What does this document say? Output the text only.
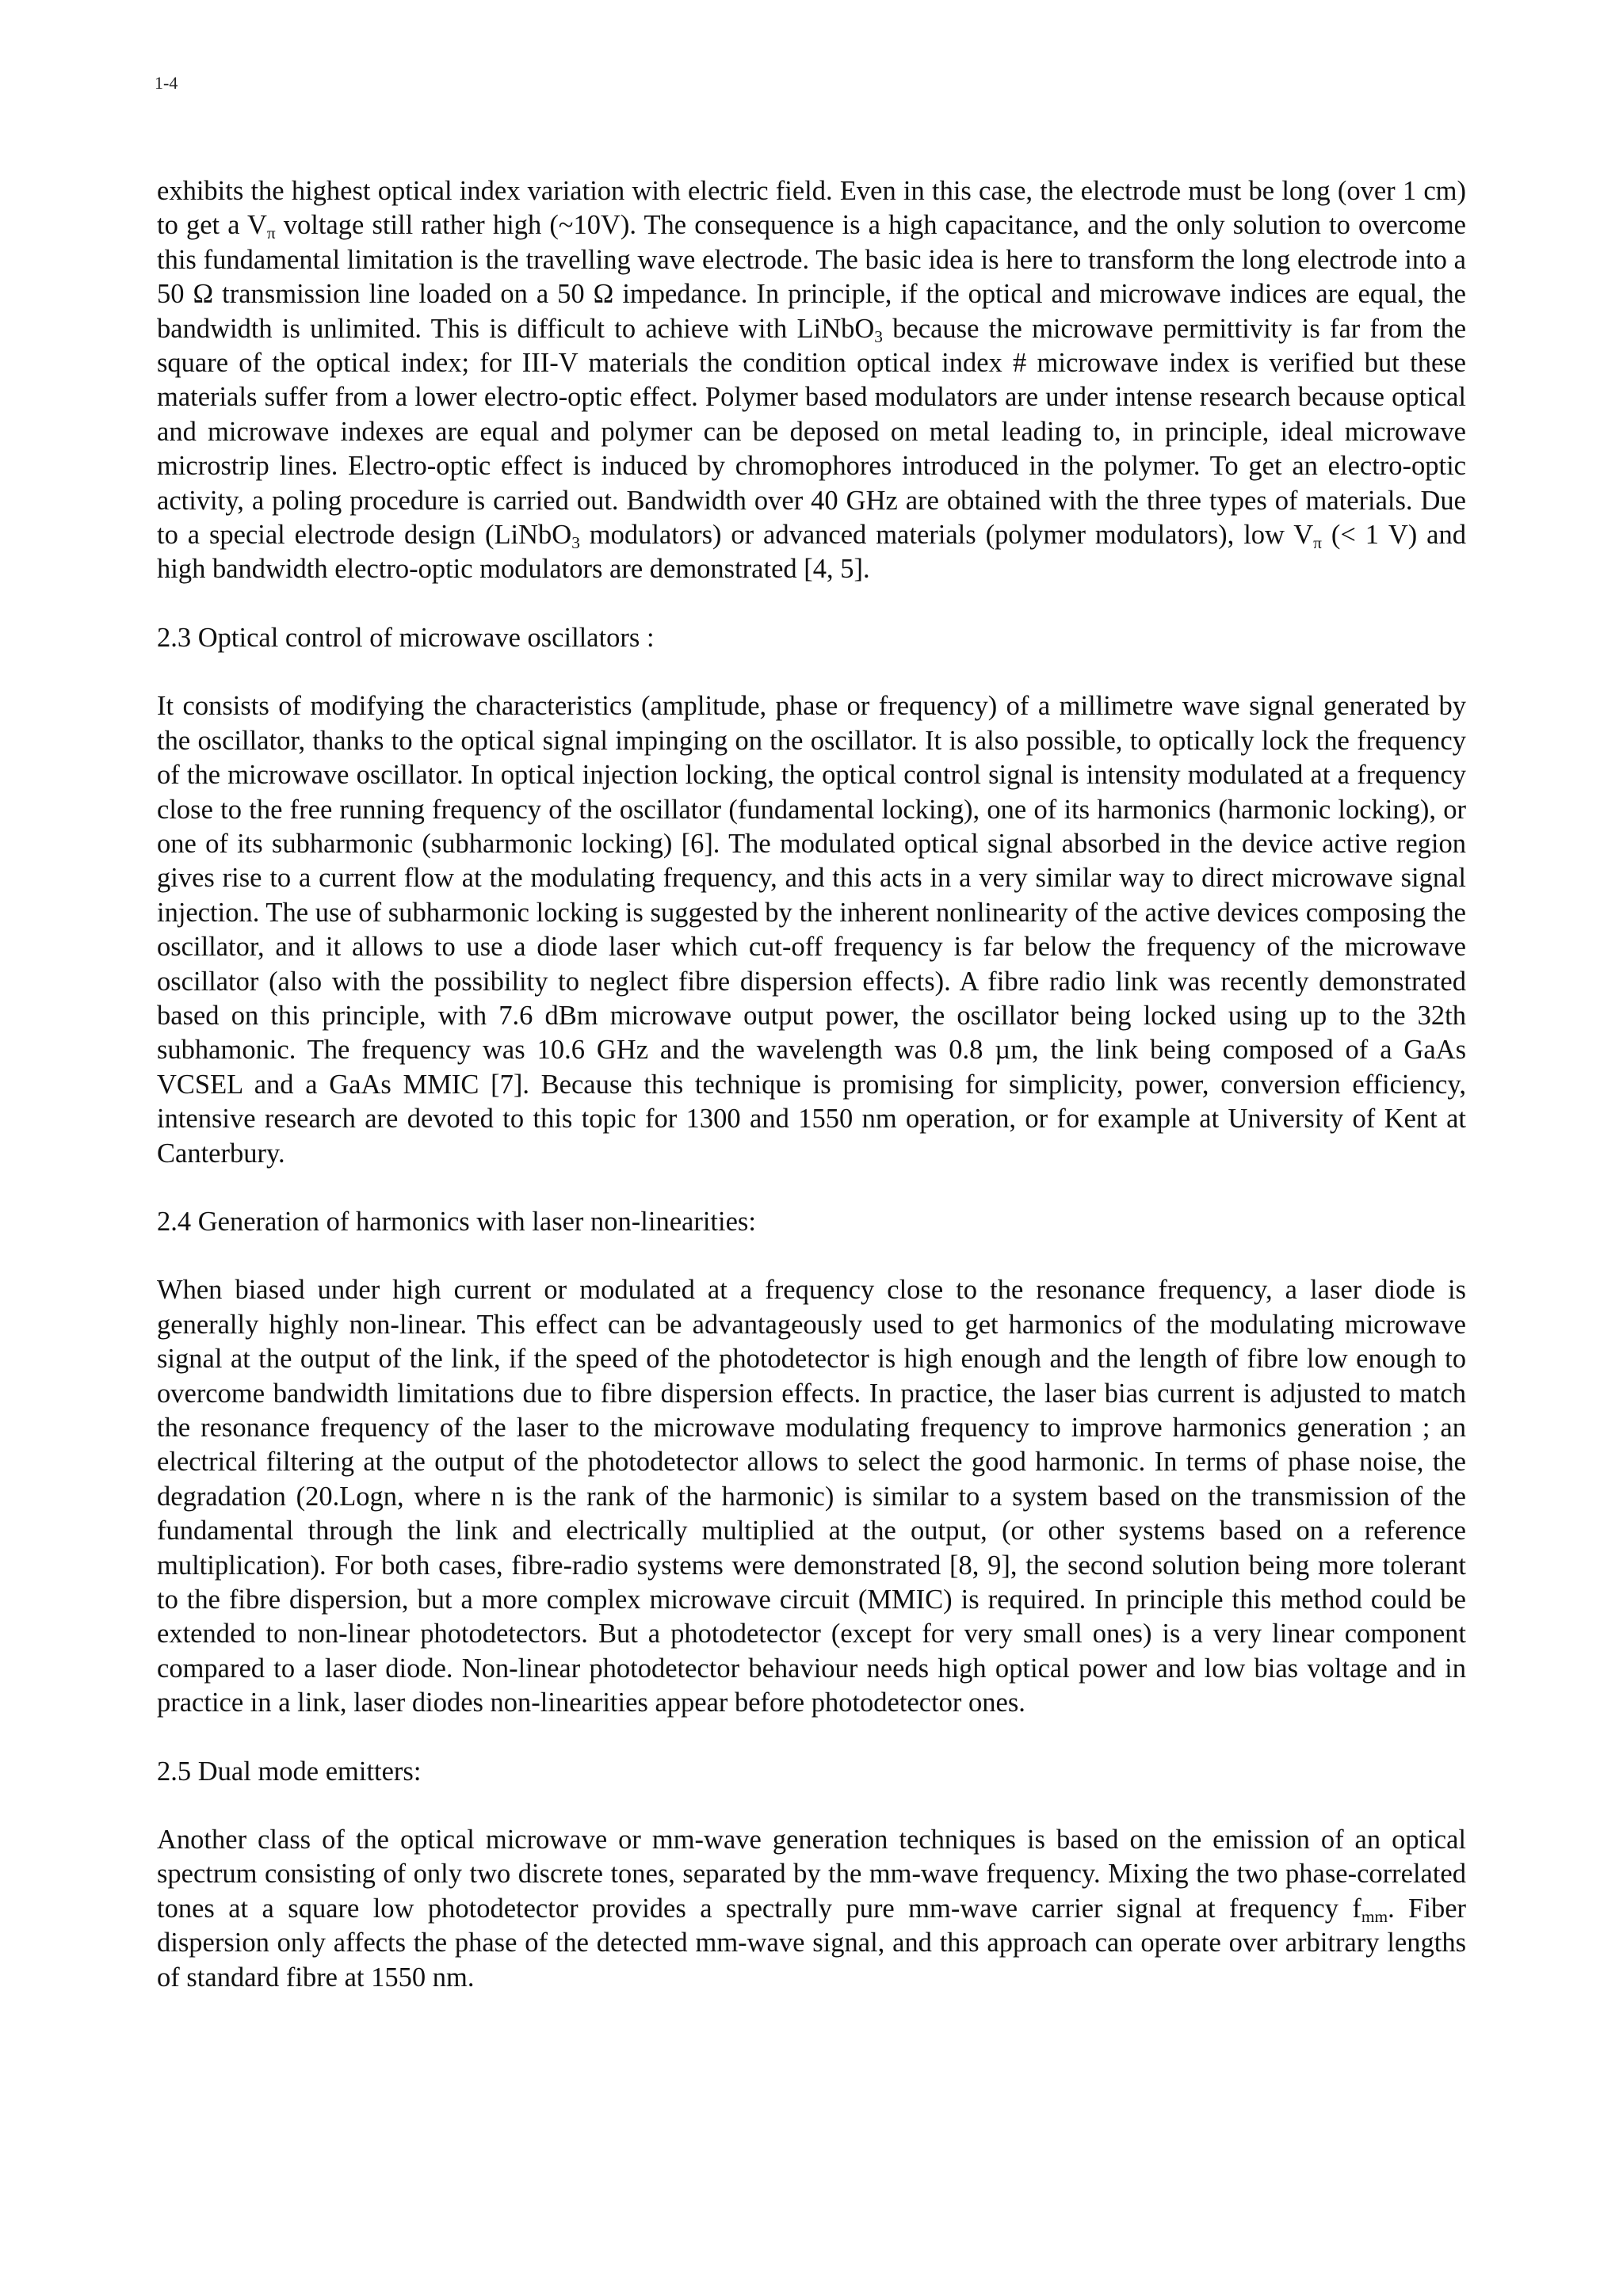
1-4

exhibits the highest optical index variation with electric field. Even in this case, the electrode must be long (over 1 cm) to get a $V_\pi$ voltage still rather high (~10V). The consequence is a high capacitance, and the only solution to overcome this fundamental limitation is the travelling wave electrode. The basic idea is here to transform the long electrode into a 50 Ω transmission line loaded on a 50 Ω impedance. In principle, if the optical and microwave indices are equal, the bandwidth is unlimited. This is difficult to achieve with LiNbO$_3$ because the microwave permittivity is far from the square of the optical index; for III-V materials the condition optical index # microwave index is verified but these materials suffer from a lower electro-optic effect. Polymer based modulators are under intense research because optical and microwave indexes are equal and polymer can be deposed on metal leading to, in principle, ideal microwave microstrip lines. Electro-optic effect is induced by chromophores introduced in the polymer. To get an electro-optic activity, a poling procedure is carried out. Bandwidth over 40 GHz are obtained with the three types of materials. Due to a special electrode design (LiNbO$_3$ modulators) or advanced materials (polymer modulators), low $V_\pi$ (< 1 V) and high bandwidth electro-optic modulators are demonstrated [4, 5].

2.3 Optical control of microwave oscillators :

It consists of modifying the characteristics (amplitude, phase or frequency) of a millimetre wave signal generated by the oscillator, thanks to the optical signal impinging on the oscillator. It is also possible, to optically lock the frequency of the microwave oscillator. In optical injection locking, the optical control signal is intensity modulated at a frequency close to the free running frequency of the oscillator (fundamental locking), one of its harmonics (harmonic locking), or one of its subharmonic (subharmonic locking) [6]. The modulated optical signal absorbed in the device active region gives rise to a current flow at the modulating frequency, and this acts in a very similar way to direct microwave signal injection. The use of subharmonic locking is suggested by the inherent nonlinearity of the active devices composing the oscillator, and it allows to use a diode laser which cut-off frequency is far below the frequency of the microwave oscillator (also with the possibility to neglect fibre dispersion effects). A fibre radio link was recently demonstrated based on this principle, with 7.6 dBm microwave output power, the oscillator being locked using up to the 32th subhamonic. The frequency was 10.6 GHz and the wavelength was 0.8 µm, the link being composed of a GaAs VCSEL and a GaAs MMIC [7]. Because this technique is promising for simplicity, power, conversion efficiency, intensive research are devoted to this topic for 1300 and 1550 nm operation, or for example at University of Kent at Canterbury.

2.4 Generation of harmonics with laser non-linearities:

When biased under high current or modulated at a frequency close to the resonance frequency, a laser diode is generally highly non-linear. This effect can be advantageously used to get harmonics of the modulating microwave signal at the output of the link, if the speed of the photodetector is high enough and the length of fibre low enough to overcome bandwidth limitations due to fibre dispersion effects. In practice, the laser bias current is adjusted to match the resonance frequency of the laser to the microwave modulating frequency to improve harmonics generation ; an electrical filtering at the output of the photodetector allows to select the good harmonic. In terms of phase noise, the degradation (20.Logn, where n is the rank of the harmonic) is similar to a system based on the transmission of the fundamental through the link and electrically multiplied at the output, (or other systems based on a reference multiplication). For both cases, fibre-radio systems were demonstrated [8, 9], the second solution being more tolerant to the fibre dispersion, but a more complex microwave circuit (MMIC) is required. In principle this method could be extended to non-linear photodetectors. But a photodetector (except for very small ones) is a very linear component compared to a laser diode. Non-linear photodetector behaviour needs high optical power and low bias voltage and in practice in a link, laser diodes non-linearities appear before photodetector ones.

2.5 Dual mode emitters:

Another class of the optical microwave or mm-wave generation techniques is based on the emission of an optical spectrum consisting of only two discrete tones, separated by the mm-wave frequency. Mixing the two phase-correlated tones at a square low photodetector provides a spectrally pure mm-wave carrier signal at frequency $f_{mm}$. Fiber dispersion only affects the phase of the detected mm-wave signal, and this approach can operate over arbitrary lengths of standard fibre at 1550 nm.
